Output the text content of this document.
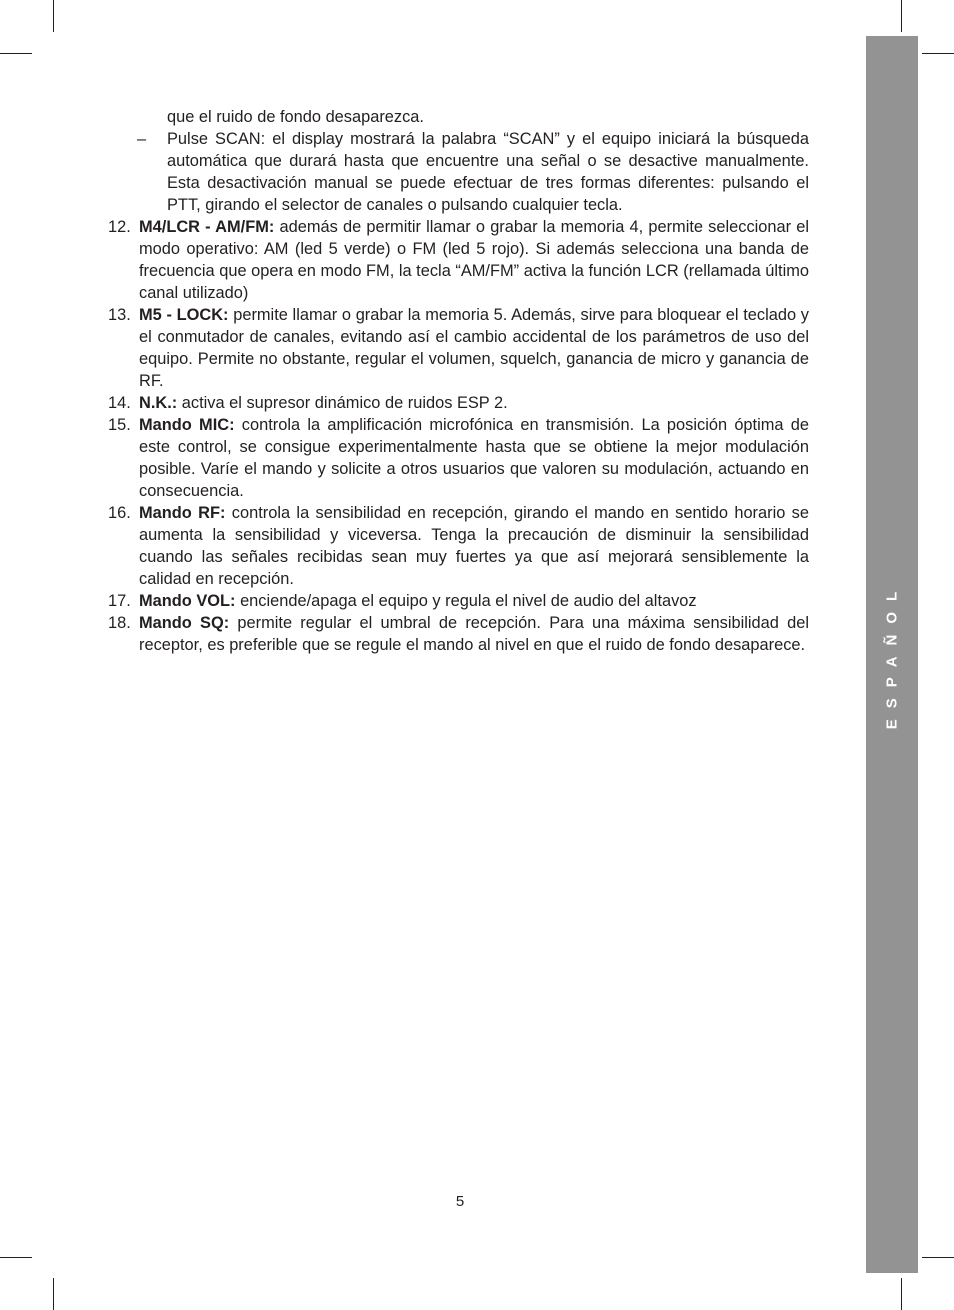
ESPAÑOL

que el ruido de fondo desaparezca.

–	Pulse SCAN: el display mostrará la palabra “SCAN” y el equipo iniciará la búsqueda automática que durará hasta que encuentre una señal o se desactive manualmente. Esta desactivación manual se puede efectuar de tres formas diferentes: pulsando el PTT, girando el selector de canales o pulsando cualquier tecla.
12. M4/LCR - AM/FM: además de permitir llamar o grabar la memoria 4, permite seleccionar el modo operativo: AM (led 5 verde) o FM (led 5 rojo). Si además selecciona una banda de frecuencia que opera en modo FM, la tecla “AM/FM” activa la función LCR (rellamada último canal utilizado)
13. M5 - LOCK: permite llamar o grabar la memoria 5. Además, sirve para bloquear el teclado y el conmutador de canales, evitando así el cambio accidental de los parámetros de uso del equipo. Permite no obstante, regular el volumen, squelch, ganancia de micro y ganancia de RF.
14. N.K.: activa el supresor dinámico de ruidos ESP 2.
15. Mando MIC: controla la amplificación microfónica en transmisión. La posición óptima de este control, se consigue experimentalmente hasta que se obtiene la mejor modulación posible. Varíe el mando y solicite a otros usuarios que valoren su modulación, actuando en consecuencia.
16. Mando RF: controla la sensibilidad en recepción, girando el mando en sentido horario se aumenta la sensibilidad y viceversa. Tenga la precaución de disminuir la sensibilidad cuando las señales recibidas sean muy fuertes ya que así mejorará sensiblemente la calidad en recepción.
17. Mando VOL: enciende/apaga el equipo y regula el nivel de audio del altavoz
18. Mando SQ: permite regular el umbral de recepción. Para una máxima sensibilidad del receptor, es preferible que se regule el mando al nivel en que el ruido de fondo desaparece.
5
